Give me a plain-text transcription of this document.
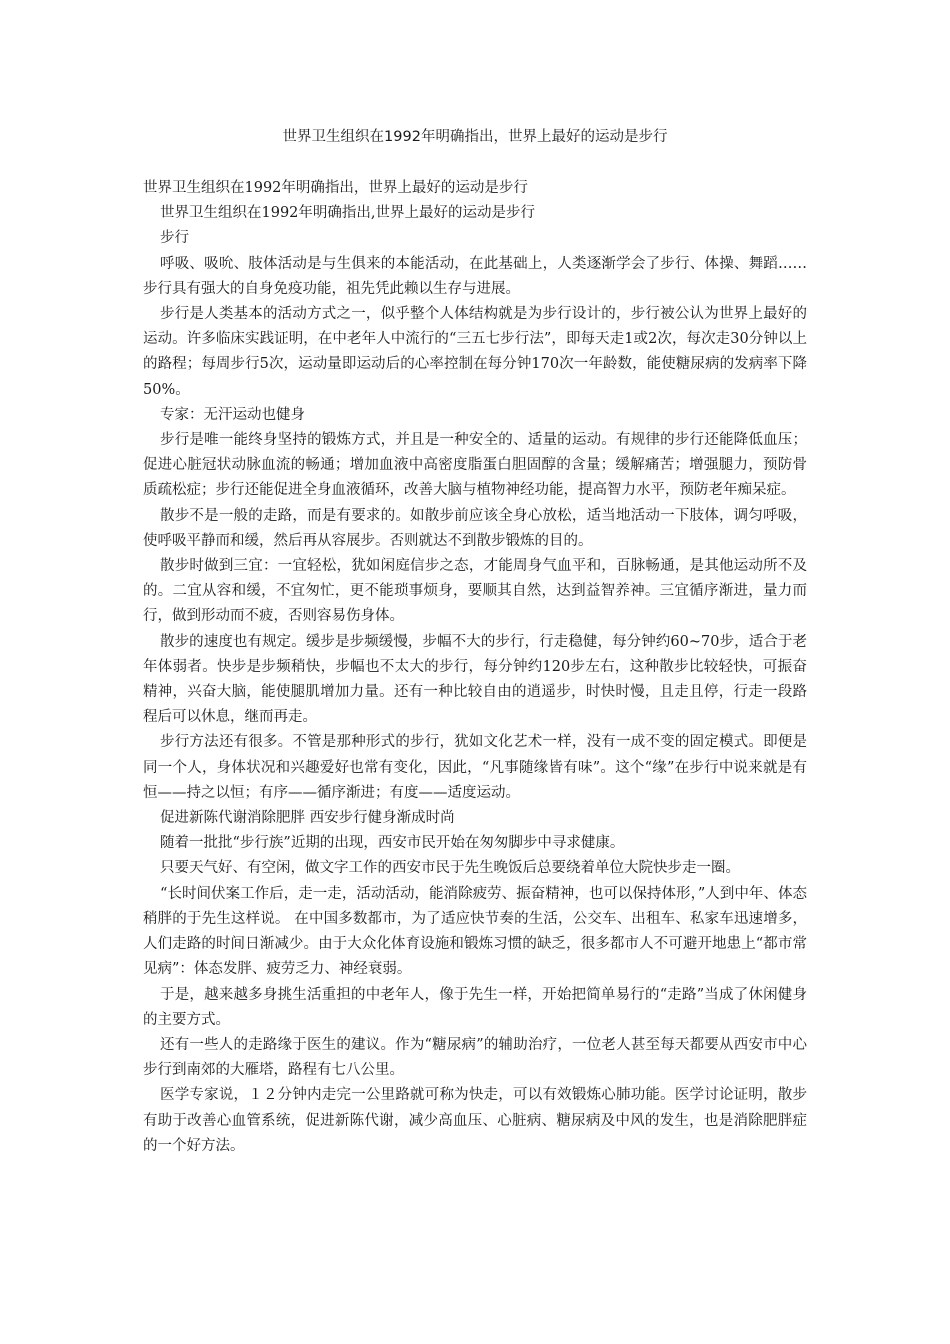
世界卫生组织在1992年明确指出，世界上最好的运动是步行

世界卫生组织在1992年明确指出，世界上最好的运动是步行

世界卫生组织在1992年明确指出,世界上最好的运动是步行

步行

呼吸、吸吮、肢体活动是与生俱来的本能活动，在此基础上，人类逐渐学会了步行、体操、舞蹈……步行具有强大的自身免疫功能，祖先凭此赖以生存与进展。

步行是人类基本的活动方式之一，似乎整个人体结构就是为步行设计的，步行被公认为世界上最好的运动。许多临床实践证明，在中老年人中流行的“三五七步行法”，即每天走1或2次，每次走30分钟以上的路程；每周步行5次，运动量即运动后的心率控制在每分钟170次一年龄数，能使糖尿病的发病率下降50%。

专家：无汗运动也健身

步行是唯一能终身坚持的锻炼方式，并且是一种安全的、适量的运动。有规律的步行还能降低血压；促进心脏冠状动脉血流的畅通；增加血液中高密度脂蛋白胆固醇的含量；缓解痛苦；增强腿力，预防骨质疏松症；步行还能促进全身血液循环，改善大脑与植物神经功能，提高智力水平，预防老年痴呆症。

散步不是一般的走路，而是有要求的。如散步前应该全身心放松，适当地活动一下肢体，调匀呼吸，使呼吸平静而和缓，然后再从容展步。否则就达不到散步锻炼的目的。

散步时做到三宜：一宜轻松，犹如闲庭信步之态，才能周身气血平和，百脉畅通，是其他运动所不及的。二宜从容和缓，不宜匆忙，更不能琐事烦身，要顺其自然，达到益智养神。三宜循序渐进，量力而行，做到形动而不疲，否则容易伤身体。

散步的速度也有规定。缓步是步频缓慢，步幅不大的步行，行走稳健，每分钟约60~70步，适合于老年体弱者。快步是步频稍快，步幅也不太大的步行，每分钟约120步左右，这种散步比较轻快，可振奋精神，兴奋大脑，能使腿肌增加力量。还有一种比较自由的逍遥步，时快时慢，且走且停，行走一段路程后可以休息，继而再走。

步行方法还有很多。不管是那种形式的步行，犹如文化艺术一样，没有一成不变的固定模式。即便是同一个人，身体状况和兴趣爱好也常有变化，因此，“凡事随缘皆有味”。这个“缘”在步行中说来就是有恒——持之以恒；有序——循序渐进；有度——适度运动。

促进新陈代谢消除肥胖 西安步行健身渐成时尚

随着一批批“步行族”近期的出现，西安市民开始在匆匆脚步中寻求健康。

只要天气好、有空闲，做文字工作的西安市民于先生晚饭后总要绕着单位大院快步走一圈。

“长时间伏案工作后，走一走，活动活动，能消除疲劳、振奋精神，也可以保持体形，”人到中年、体态稍胖的于先生这样说。 在中国多数都市，为了适应快节奏的生活，公交车、出租车、私家车迅速增多，人们走路的时间日渐减少。由于大众化体育设施和锻炼习惯的缺乏，很多都市人不可避开地患上“都市常见病”：体态发胖、疲劳乏力、神经衰弱。

于是，越来越多身挑生活重担的中老年人，像于先生一样，开始把简单易行的“走路”当成了休闲健身的主要方式。

还有一些人的走路缘于医生的建议。作为“糖尿病”的辅助治疗，一位老人甚至每天都要从西安市中心步行到南郊的大雁塔，路程有七八公里。

医学专家说，１２分钟内走完一公里路就可称为快走，可以有效锻炼心肺功能。医学讨论证明，散步有助于改善心血管系统，促进新陈代谢，减少高血压、心脏病、糖尿病及中风的发生，也是消除肥胖症的一个好方法。
